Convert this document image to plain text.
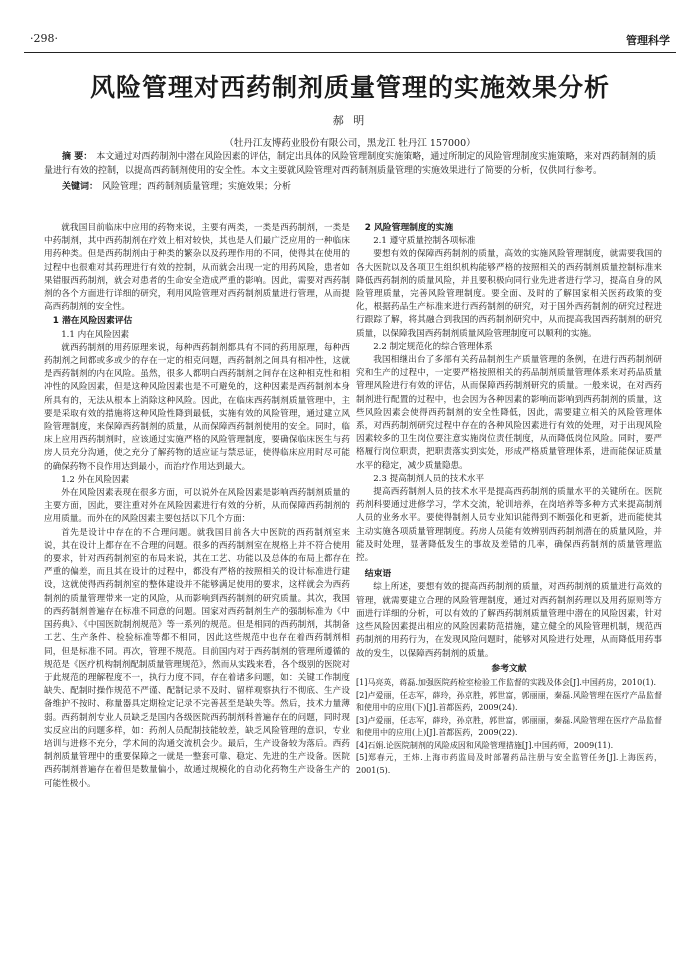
·298·	管理科学
风险管理对西药制剂质量管理的实施效果分析
郝 明
（牡丹江友博药业股份有限公司，黑龙江 牡丹江 157000）
摘 要： 本文通过对西药制剂中潜在风险因素的评估，制定出具体的风险管理制度实施策略，通过所制定的风险管理制度实施策略，来对西药制剂的质量进行有效的控制，以提高西药制剂使用的安全性。本文主要就风险管理对西药制剂质量管理的实施效果进行了简要的分析，仅供同行参考。
关键词： 风险管理；西药制剂质量管理；实施效果；分析

就我国目前临床中应用的药物来说，主要有两类，一类是西药制剂，一类是中药制剂，其中西药制剂在疗效上相对较快，其也是人们最广泛应用的一种临床用药种类。但是西药制剂由于种类的繁杂以及药理作用的不同，使得其在使用的过程中也很难对其药理进行有效的控制，从而就会出现一定的用药风险，患者如果错服西药制剂，就会对患者的生命安全造成严重的影响。因此，需要对西药制剂的各个方面进行详细的研究，利用风险管理对西药制剂质量进行管理，从而提高西药制剂的安全性。

1 潜在风险因素评估
1.1 内在风险因素

就西药制剂的用药原理来说，每种西药制剂都具有不同的药用原理，每种西药制剂之间都或多或少的存在一定的相克问题，西药制剂之间具有相冲性，这就是西药制剂的内在风险。虽然，很多人都明白西药制剂之间存在这种相克性和相冲性的风险因素，但是这种风险因素也是不可避免的，这种因素是西药制剂本身所具有的，无法从根本上消除这种风险。因此，在临床西药制剂质量管理中，主要是采取有效的措施将这种风险性降到最低，实施有效的风险管理，通过建立风险管理制度，来保障西药制剂的质量，从而保障西药制剂使用的安全。同时，临床上应用西药制剂时，应该通过实施严格的风险管理制度，要确保临床医生与药房人员充分沟通，使之充分了解药物的适应证与禁忌证，使得临床应用时尽可能的确保药物不良作用达到最小，而治疗作用达到最大。

1.2 外在风险因素

外在风险因素表现在很多方面，可以说外在风险因素是影响西药制剂质量的主要方面，因此，要注重对外在风险因素进行有效的分析，从而保障西药制剂的应用质量。而外在的风险因素主要包括以下几个方面：

首先是设计中存在的不合理问题。就我国目前各大中医院的西药制剂室来说，其在设计上都存在不合理的问题。很多的西药制剂室在规格上并不符合使用的要求，针对西药制剂室的布局来说，其在工艺、功能以及总体的布局上都存在严重的偏差，而且其在设计的过程中，都没有严格的按照相关的设计标准进行建设，这就使得西药制剂室的整体建设并不能够满足使用的要求，这样就会为西药制剂的质量管理带来一定的风险，从而影响到西药制剂的研究质量。其次，我国的西药制剂普遍存在标准不同意的问题。国家对西药制剂生产的强制标准为《中国药典》、《中国医院制剂规范》等一系列的规范。但是相同的西药制剂，其制备工艺、生产条件、检验标准等都不相同，因此这些规范中也存在着西药制剂相同，但是标准不同。再次，管理不规范。目前国内对于西药制剂的管理所遵循的规范是《医疗机构制剂配制质量管理规范》，然而从实践来看，各个级别的医院对于此规范的理解程度不一，执行力度不同，存在着诸多问题，如：关键工作制度缺失、配制时操作规范不严谨、配制记录不及时、留样观察执行不彻底、生产设备维护不按时、称量器具定期检定记录不完善甚至是缺失等。然后，技术力量薄弱。西药制剂专业人员缺乏是国内各级医院西药制剂科普遍存在的问题，同时现实反应出的问题多样，如：药剂人员配制技能较差，缺乏风险管理的意识，专业培训与进修不充分，学术间的沟通交流机会少。最后，生产设备较为落后。西药制剂质量管理中的重要保障之一就是一整套可靠、稳定、先进的生产设备。医院西药制剂普遍存在着但是数量偏小，故通过规模化的自动化药物生产设备生产的可能性极小。

2 风险管理制度的实施
2.1 遵守质量控制各项标准

要想有效的保障西药制剂的质量，高效的实施风险管理制度，就需要我国的各大医院以及各项卫生组织机构能够严格的按照相关的西药制剂质量控制标准来降低西药制剂的质量风险，并且要积极向同行业先进者进行学习，提高自身的风险管理质量，完善风险管理制度。要全面、及时的了解国家相关医药政策的变化，根据药品生产标准来进行西药制剂的研究，对于国外西药制剂的研究过程进行跟踪了解，将其融合到我国的西药制剂研究中，从而提高我国西药制剂的研究质量，以保障我国西药制剂质量风险管理制度可以顺利的实施。

2.2 制定规范化的综合管理体系

我国相继出台了多部有关药品制剂生产质量管理的条例，在进行西药制剂研究和生产的过程中，一定要严格按照相关的药品制剂质量管理体系来对药品质量管理风险进行有效的评估，从而保障西药制剂研究的质量。一般来说，在对西药制剂进行配置的过程中，也会因为各种因素的影响而影响到西药制剂的质量，这些风险因素会使得西药制剂的安全性降低，因此，需要建立相关的风险管理体系，对西药制剂研究过程中存在的各种风险因素进行有效的处理，对于出现风险因素较多的卫生岗位要注意实施岗位责任制度，从而降低岗位风险。同时，要严格履行岗位职责，把职责落实到实处，形成严格质量管理体系，进而能保证质量水平的稳定，减少质量隐患。

2.3 提高制剂人员的技术水平

提高西药制剂人员的技术水平是提高西药制剂的质量水平的关键所在。医院药剂科要通过进修学习，学术交流，轮训培养，在岗培养等多种方式来提高制剂人员的业务水平。要使得制剂人员专业知识能得到不断强化和更新，进而能使其主动实施各项质量管理制度。药房人员能有效辨别西药制剂潜在的质量风险，并能及时处理，显著降低发生的事故及差错的几率，确保西药制剂的质量管理监控。

结束语

综上所述，要想有效的提高西药制剂的质量，对西药制剂的质量进行高效的管理，就需要建立合理的风险管理制度，通过对西药制剂药理以及用药原则等方面进行详细的分析，可以有效的了解西药制剂质量管理中潜在的风险因素，针对这些风险因素提出相应的风险因素防范措施，建立健全的风险管理机制，规范西药制剂的用药行为，在发现风险问题时，能够对风险进行处理，从而降低用药事故的发生，以保障西药制剂的质量。

参考文献
[1]马亮英，蒋磊.加强医院药检室检验工作监督的实践及体会[J].中国药房，2010(1).
[2]卢爱丽，任志军，薛玲，孙京胜，郭世富，郭丽丽，秦磊.风险管理在医疗产品监督和使用中的应用(下)[J].首都医药，2009(24).
[3]卢爱丽，任志军，薛玲，孙京胜，郭世富，郭丽丽，秦磊.风险管理在医疗产品监督和使用中的应用(上)[J].首都医药，2009(22).
[4]石娟.论医院制剂的风险成因和风险管理措施[J].中国药师，2009(11).
[5]郑春元，王炜.上海市药监局及时部署药品注册与安全监管任务[J].上海医药，2001(5).
